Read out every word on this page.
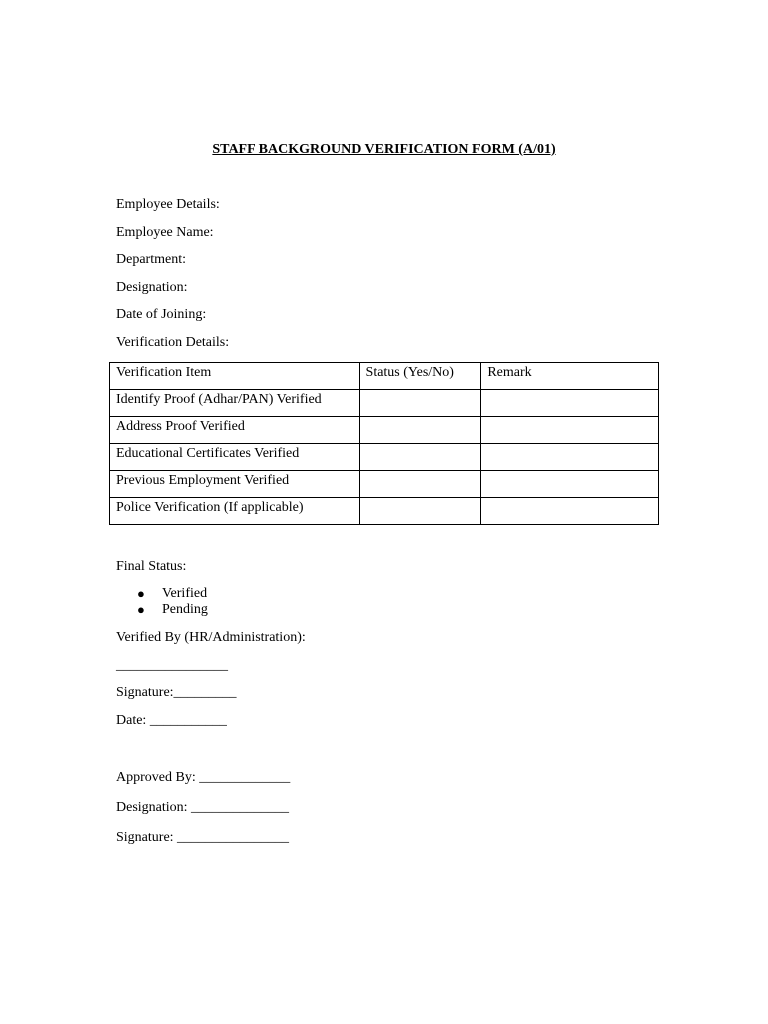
STAFF BACKGROUND VERIFICATION FORM (A/01)
Employee Details:
Employee Name:
Department:
Designation:
Date of Joining:
Verification Details:
Verification Item	Status (Yes/No)	Remark
Identify Proof (Adhar/PAN) Verified		
Address Proof Verified		
Educational Certificates Verified		
Previous Employment Verified		
Police Verification (If applicable)		
Final Status:
● Verified
● Pending
Verified By (HR/Administration):
________________
Signature:_________
Date: ___________
Approved By: _____________
Designation: ______________
Signature: ________________
